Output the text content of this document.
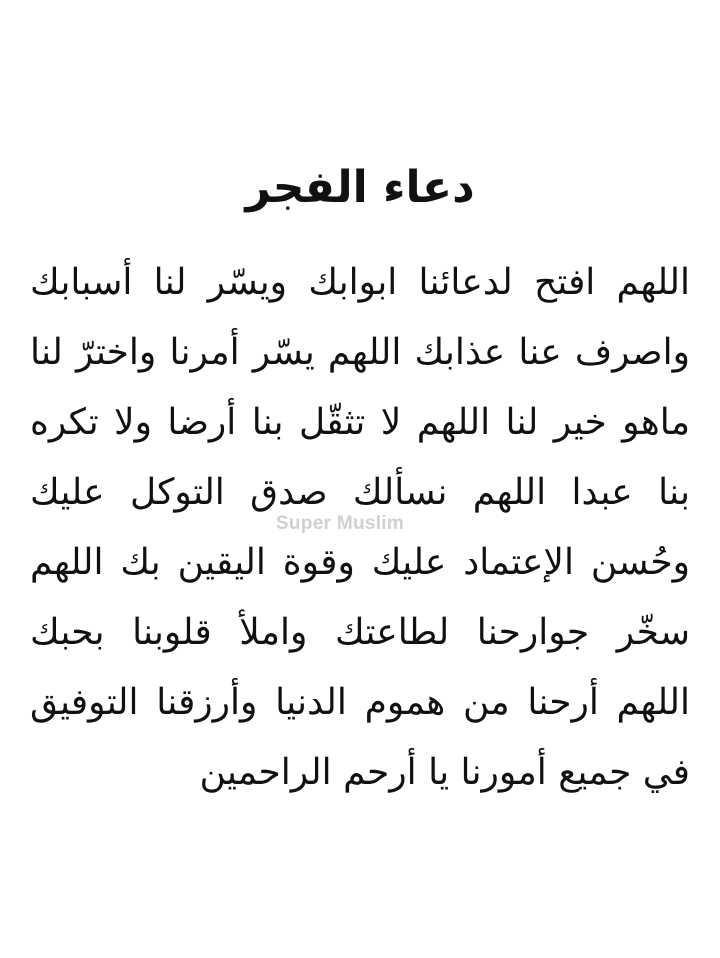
دعاء الفجر
اللهم افتح لدعائنا ابوابك ويسّر لنا أسبابك
واصرف عنا عذابك اللهم يسّر أمرنا واخترّ لنا
ماهو خير لنا اللهم لا تثقّل بنا أرضا ولا تكره
بنا عبدا اللهم نسألك صدق التوكل عليك
وحُسن الإعتماد عليك وقوة اليقين بك اللهم
سخّر جوارحنا لطاعتك واملأ قلوبنا بحبك
اللهم أرحنا من هموم الدنيا وأرزقنا التوفيق
في جميع أمورنا يا أرحم الراحمين
Super Muslim
